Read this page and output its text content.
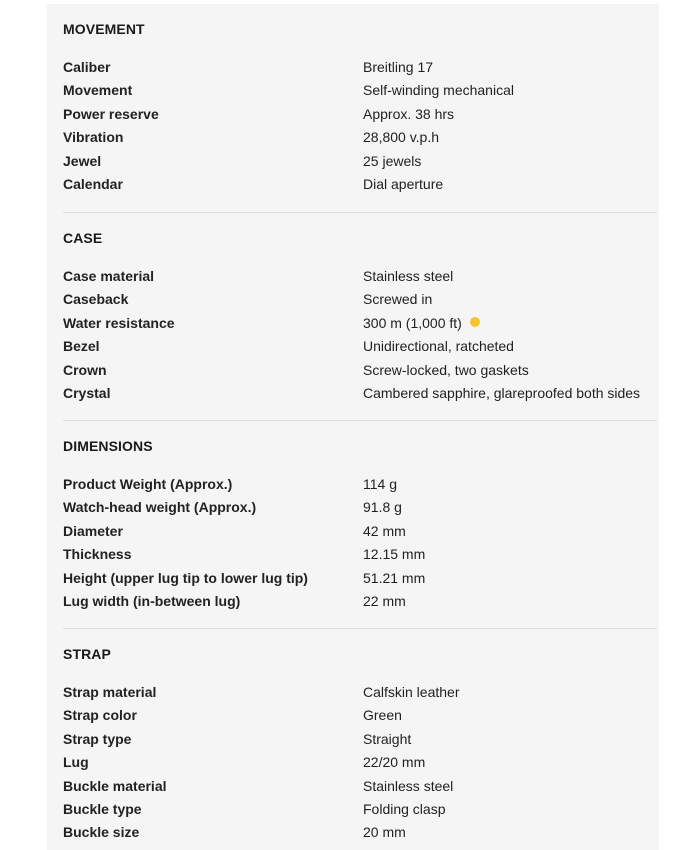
MOVEMENT
Caliber	Breitling 17
Movement	Self-winding mechanical
Power reserve	Approx. 38 hrs
Vibration	28,800 v.p.h
Jewel	25 jewels
Calendar	Dial aperture
CASE
Case material	Stainless steel
Caseback	Screwed in
Water resistance	300 m (1,000 ft)
Bezel	Unidirectional, ratcheted
Crown	Screw-locked, two gaskets
Crystal	Cambered sapphire, glareproofed both sides
DIMENSIONS
Product Weight (Approx.)	114 g
Watch-head weight (Approx.)	91.8 g
Diameter	42 mm
Thickness	12.15 mm
Height (upper lug tip to lower lug tip)	51.21 mm
Lug width (in-between lug)	22 mm
STRAP
Strap material	Calfskin leather
Strap color	Green
Strap type	Straight
Lug	22/20 mm
Buckle material	Stainless steel
Buckle type	Folding clasp
Buckle size	20 mm
